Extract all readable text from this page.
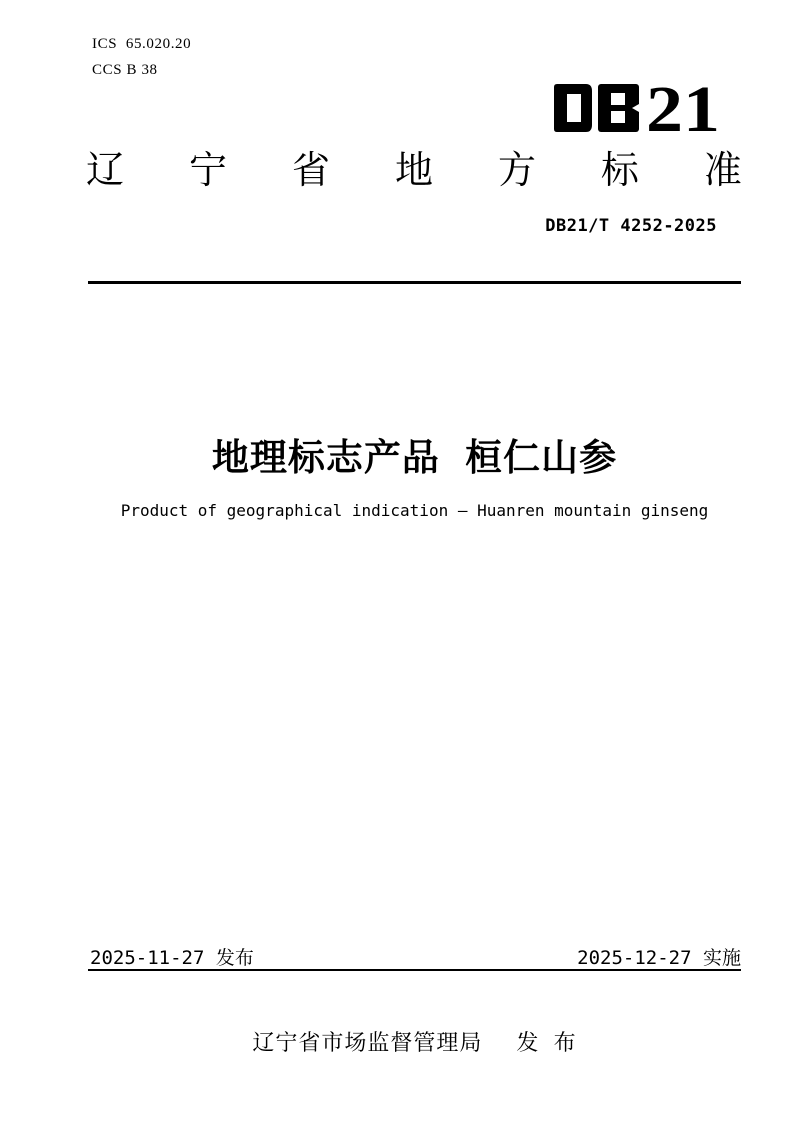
ICS  65.020.20
CCS B 38
21
辽 宁 省 地 方 标 准
DB21/T 4252-2025
地理标志产品 桓仁山参
Product of geographical indication — Huanren mountain ginseng
2025-11-27 发布	2025-12-27 实施
辽宁省市场监督管理局 发  布
